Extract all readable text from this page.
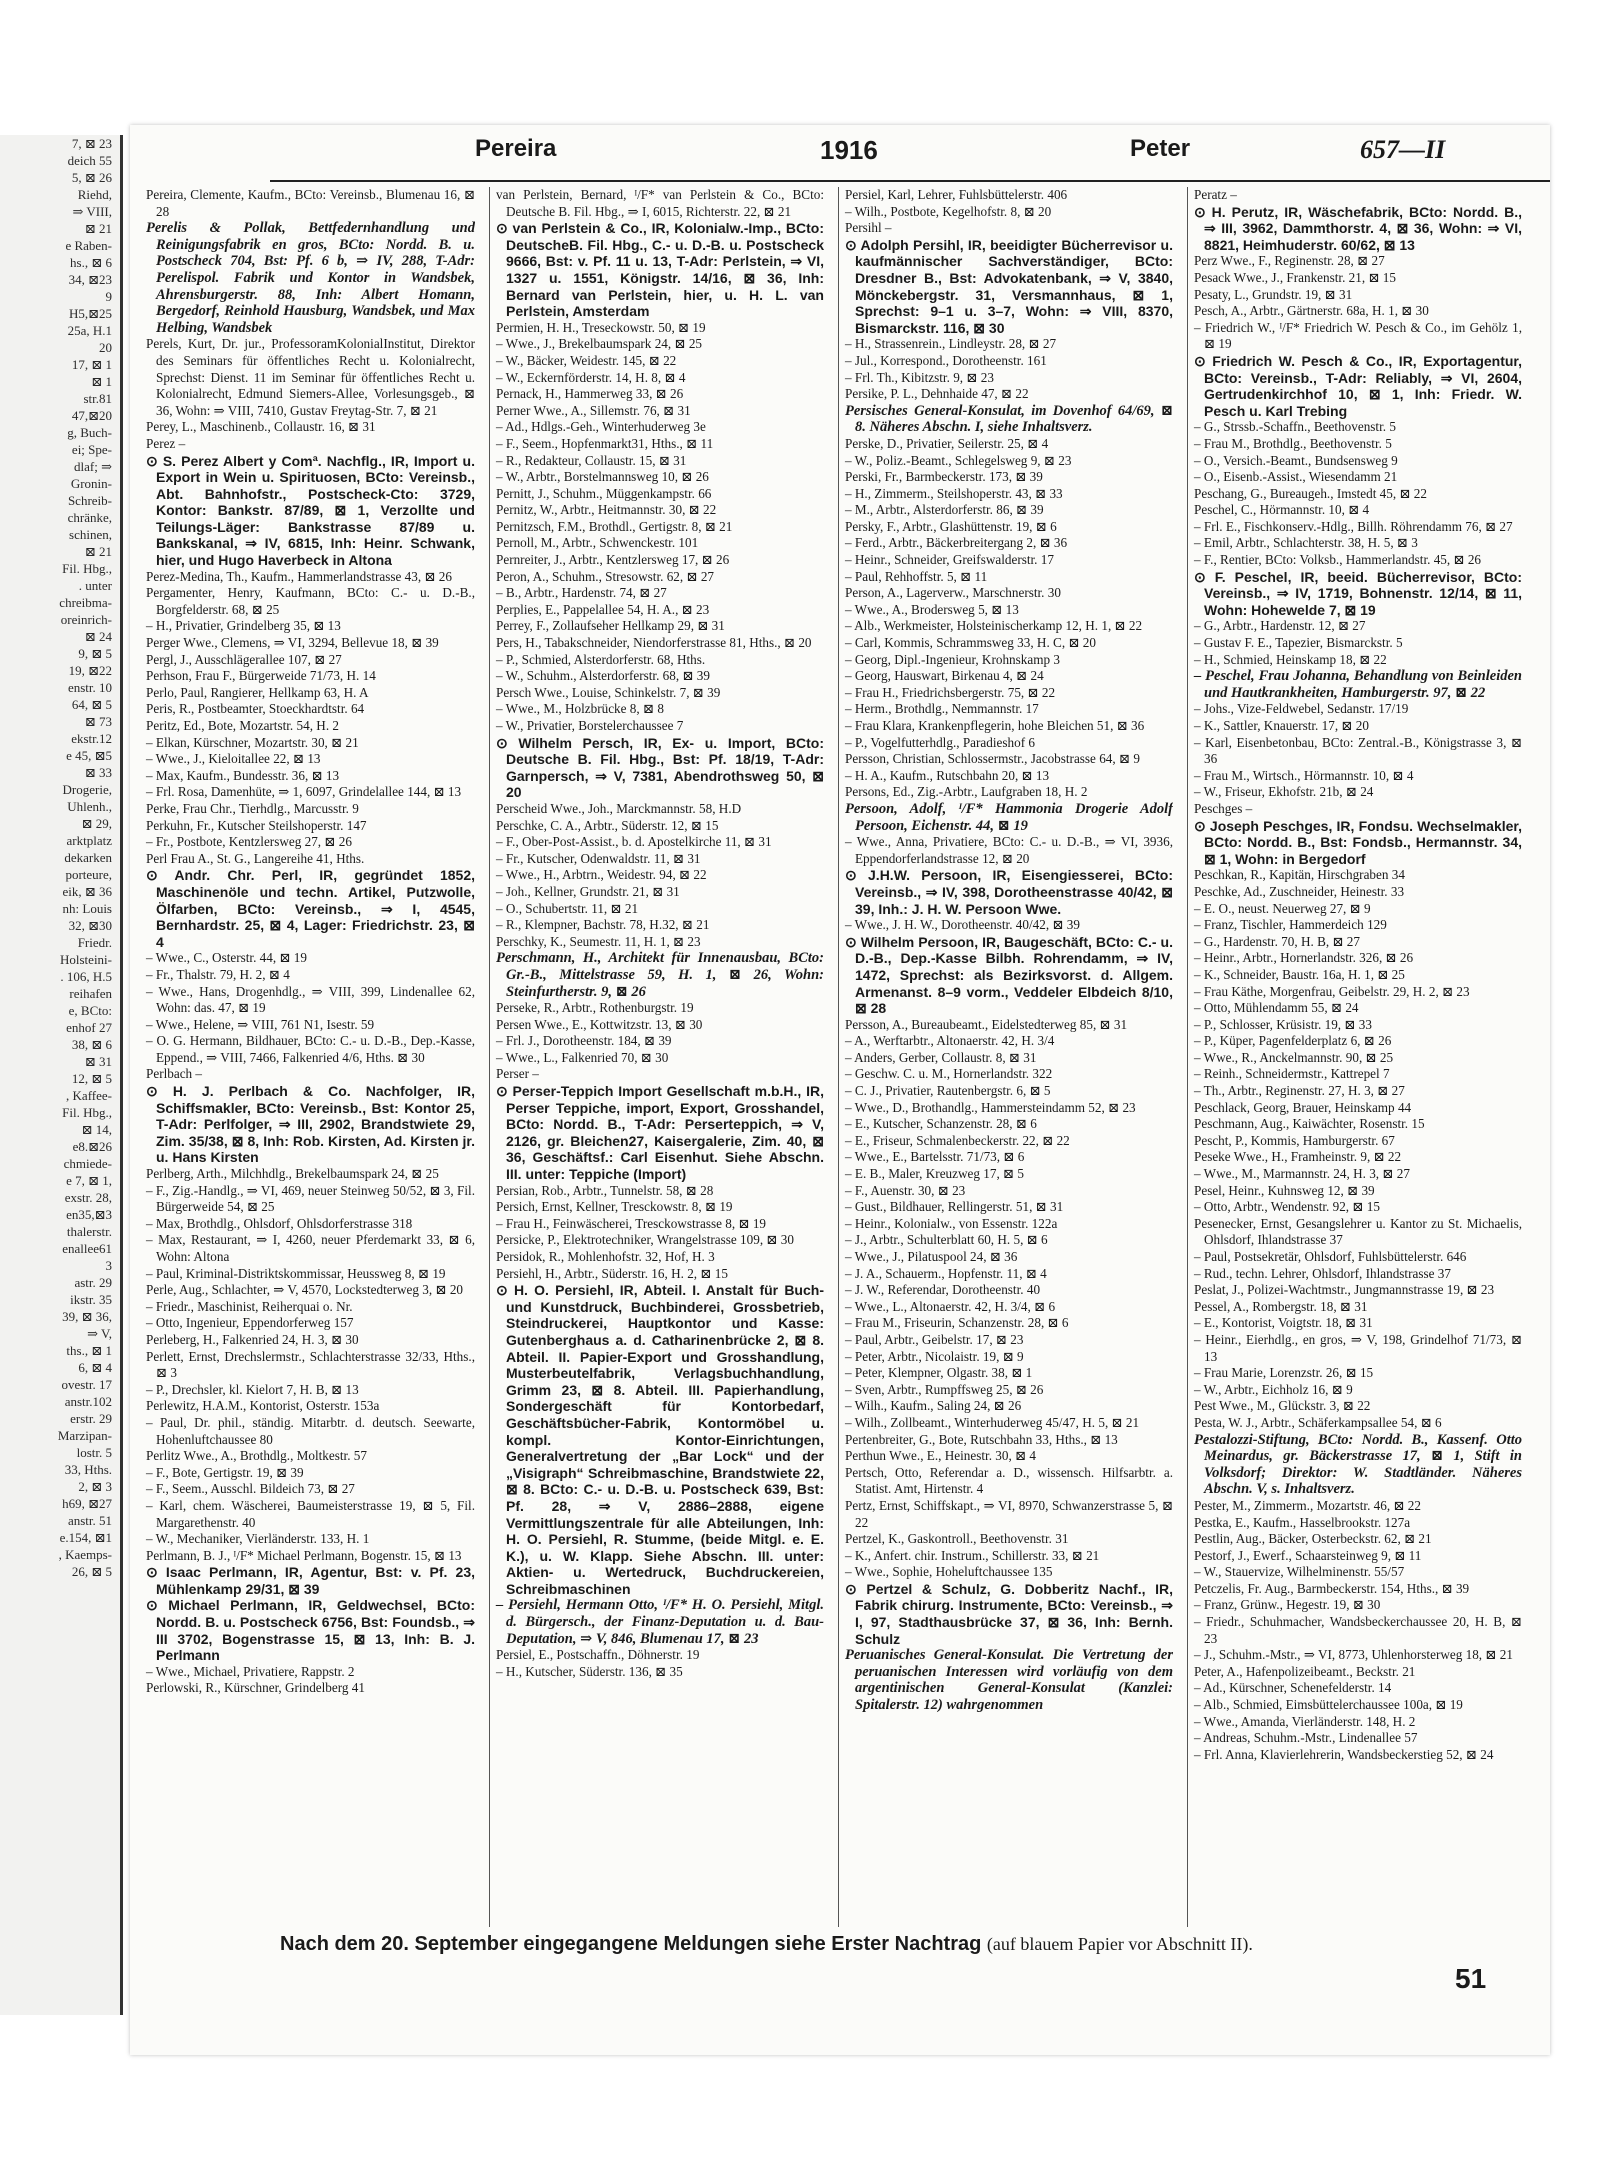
7, ⊠ 23
deich 55
5, ⊠ 26
Riehd,
⇒ VIII,
⊠ 21
e Raben-
hs., ⊠ 6
34, ⊠23
9
H5,⊠25
25a, H.1
20
17, ⊠ 1
⊠ 1
str.81
47,⊠20
g, Buch-
ei; Spe-
dlaf; ⇒
Gronin-
Schreib-
chränke,
schinen,
⊠ 21
Fil. Hbg.,
. unter
chreibma-
oreinrich-
⊠ 24
9, ⊠ 5
19, ⊠22
enstr. 10
64, ⊠ 5
⊠ 73
ekstr.12
e 45, ⊠5
⊠ 33
Drogerie,
Uhlenh.,
⊠ 29,
arktplatz
dekarken
porteure,
eik, ⊠ 36
nh: Louis
32, ⊠30
Friedr.
Holsteini-
. 106, H.5
reihafen
e, BCto:
enhof 27
38, ⊠ 6
⊠ 31
12, ⊠ 5
, Kaffee-
Fil. Hbg.,
⊠ 14,
e8.⊠26
chmiede-
e 7, ⊠ 1,
exstr. 28,
en35,⊠3
thalerstr.
enallee61
3
astr. 29
ikstr. 35
39, ⊠ 36,
⇒ V,
ths., ⊠ 1
6, ⊠ 4
ovestr. 17
anstr.102
erstr. 29
Marzipan-
lostr. 5
33, Hths.
2, ⊠ 3
h69, ⊠27
anstr. 51
e.154, ⊠1
, Kaemps-
26, ⊠ 5
Pereira	1916	Peter	657—II

Pereira, Clemente, Kaufm., BCto: Vereinsb., Blumenau 16, ⊠ 28

Perelis & Pollak, Bettfedernhandlung und Reinigungsfabrik en gros, BCto: Nordd. B. u. Postscheck 704, Bst: Pf. 6 b, ⇒ IV, 288, T-Adr: Perelispol. Fabrik und Kontor in Wandsbek, Ahrensburgerstr. 88, Inh: Albert Homann, Bergedorf, Reinhold Hausburg, Wandsbek, und Max Helbing, Wandsbek

Perels, Kurt, Dr. jur., ProfessoramKolonialInstitut, Direktor des Seminars für öffentliches Recht u. Kolonialrecht, Sprechst: Dienst. 11 im Seminar für öffentliches Recht u. Kolonialrecht, Edmund Siemers-Allee, Vorlesungsgeb., ⊠ 36, Wohn: ⇒ VIII, 7410, Gustav Freytag-Str. 7, ⊠ 21

Perey, L., Maschinenb., Collaustr. 16, ⊠ 31

Perez –

⊙ S. Perez Albert y Comª. Nachflg., IR, Import u. Export in Wein u. Spirituosen, BCto: Vereinsb., Abt. Bahnhofstr., Postscheck-Cto: 3729, Kontor: Bankstr. 87/89, ⊠ 1, Verzollte und Teilungs-Läger: Bankstrasse 87/89 u. Bankskanal, ⇒ IV, 6815, Inh: Heinr. Schwank, hier, und Hugo Haverbeck in Altona

Perez-Medina, Th., Kaufm., Hammerlandstrasse 43, ⊠ 26

Pergamenter, Henry, Kaufmann, BCto: C.- u. D.-B., Borgfelderstr. 68, ⊠ 25

– H., Privatier, Grindelberg 35, ⊠ 13

Perger Wwe., Clemens, ⇒ VI, 3294, Bellevue 18, ⊠ 39

Pergl, J., Ausschlägerallee 107, ⊠ 27

Perhson, Frau F., Bürgerweide 71/73, H. 14

Perlo, Paul, Rangierer, Hellkamp 63, H. A

Peris, R., Postbeamter, Stoeckhardtstr. 64

Peritz, Ed., Bote, Mozartstr. 54, H. 2

– Elkan, Kürschner, Mozartstr. 30, ⊠ 21

– Wwe., J., Kieloitallee 22, ⊠ 13

– Max, Kaufm., Bundesstr. 36, ⊠ 13

– Frl. Rosa, Damenhüte, ⇒ 1, 6097, Grindelallee 144, ⊠ 13

Perke, Frau Chr., Tierhdlg., Marcusstr. 9

Perkuhn, Fr., Kutscher Steilshoperstr. 147

– Fr., Postbote, Kentzlersweg 27, ⊠ 26

Perl Frau A., St. G., Langereihe 41, Hths.

⊙ Andr. Chr. Perl, IR, gegründet 1852, Maschinenöle und techn. Artikel, Putzwolle, Ölfarben, BCto: Vereinsb., ⇒ I, 4545, Bernhardstr. 25, ⊠ 4, Lager: Friedrichstr. 23, ⊠ 4

– Wwe., C., Osterstr. 44, ⊠ 19

– Fr., Thalstr. 79, H. 2, ⊠ 4

– Wwe., Hans, Drogenhdlg., ⇒ VIII, 399, Lindenallee 62, Wohn: das. 47, ⊠ 19

– Wwe., Helene, ⇒ VIII, 761 N1, Isestr. 59

– O. G. Hermann, Bildhauer, BCto: C.- u. D.-B., Dep.-Kasse, Eppend., ⇒ VIII, 7466, Falkenried 4/6, Hths. ⊠ 30

Perlbach –

⊙ H. J. Perlbach & Co. Nachfolger, IR, Schiffsmakler, BCto: Vereinsb., Bst: Kontor 25, T-Adr: Perlfolger, ⇒ III, 2902, Brandstwiete 29, Zim. 35/38, ⊠ 8, Inh: Rob. Kirsten, Ad. Kirsten jr. u. Hans Kirsten

Perlberg, Arth., Milchhdlg., Brekelbaumspark 24, ⊠ 25

– F., Zig.-Handlg., ⇒ VI, 469, neuer Steinweg 50/52, ⊠ 3, Fil. Bürgerweide 54, ⊠ 25

– Max, Brothdlg., Ohlsdorf, Ohlsdorferstrasse 318

– Max, Restaurant, ⇒ I, 4260, neuer Pferdemarkt 33, ⊠ 6, Wohn: Altona

– Paul, Kriminal-Distriktskommissar, Heussweg 8, ⊠ 19

Perle, Aug., Schlachter, ⇒ V, 4570, Lockstedterweg 3, ⊠ 20

– Friedr., Maschinist, Reiherquai o. Nr.

– Otto, Ingenieur, Eppendorferweg 157

Perleberg, H., Falkenried 24, H. 3, ⊠ 30

Perlett, Ernst, Drechslermstr., Schlachterstrasse 32/33, Hths., ⊠ 3

– P., Drechsler, kl. Kielort 7, H. B, ⊠ 13

Perlewitz, H.A.M., Kontorist, Osterstr. 153a

– Paul, Dr. phil., ständig. Mitarbtr. d. deutsch. Seewarte, Hohenluftchaussee 80

Perlitz Wwe., A., Brothdlg., Moltkestr. 57

– F., Bote, Gertigstr. 19, ⊠ 39

– F., Seem., Ausschl. Bildeich 73, ⊠ 27

– Karl, chem. Wäscherei, Baumeisterstrasse 19, ⊠ 5, Fil. Margarethenstr. 40

– W., Mechaniker, Vierländerstr. 133, H. 1

Perlmann, B. J., ᴵ/F* Michael Perlmann, Bogenstr. 15, ⊠ 13

⊙ Isaac Perlmann, IR, Agentur, Bst: v. Pf. 23, Mühlenkamp 29/31, ⊠ 39

⊙ Michael Perlmann, IR, Geldwechsel, BCto: Nordd. B. u. Postscheck 6756, Bst: Foundsb., ⇒ III 3702, Bogenstrasse 15, ⊠ 13, Inh: B. J. Perlmann

– Wwe., Michael, Privatiere, Rappstr. 2

Perlowski, R., Kürschner, Grindelberg 41

van Perlstein, Bernard, ᴵ/F* van Perlstein & Co., BCto: Deutsche B. Fil. Hbg., ⇒ I, 6015, Richterstr. 22, ⊠ 21

⊙ van Perlstein & Co., IR, Kolonialw.-Imp., BCto: DeutscheB. Fil. Hbg., C.- u. D.-B. u. Postscheck 9666, Bst: v. Pf. 11 u. 13, T-Adr: Perlstein, ⇒ VI, 1327 u. 1551, Königstr. 14/16, ⊠ 36, Inh: Bernard van Perlstein, hier, u. H. L. van Perlstein, Amsterdam

Permien, H. H., Treseckowstr. 50, ⊠ 19

– Wwe., J., Brekelbaumspark 24, ⊠ 25

– W., Bäcker, Weidestr. 145, ⊠ 22

– W., Eckernförderstr. 14, H. 8, ⊠ 4

Pernack, H., Hammerweg 33, ⊠ 26

Perner Wwe., A., Sillemstr. 76, ⊠ 31

– Ad., Hdlgs.-Geh., Winterhuderweg 3e

– F., Seem., Hopfenmarkt31, Hths., ⊠ 11

– R., Redakteur, Collaustr. 15, ⊠ 31

– W., Arbtr., Borstelmannsweg 10, ⊠ 26

Pernitt, J., Schuhm., Müggenkampstr. 66

Pernitz, W., Arbtr., Heitmannstr. 30, ⊠ 22

Pernitzsch, F.M., Brothdl., Gertigstr. 8, ⊠ 21

Pernoll, M., Arbtr., Schwenckestr. 101

Pernreiter, J., Arbtr., Kentzlersweg 17, ⊠ 26

Peron, A., Schuhm., Stresowstr. 62, ⊠ 27

– B., Arbtr., Hardenstr. 74, ⊠ 27

Perplies, E., Pappelallee 54, H. A., ⊠ 23

Perrey, F., Zollaufseher Hellkamp 29, ⊠ 31

Pers, H., Tabakschneider, Niendorferstrasse 81, Hths., ⊠ 20

– P., Schmied, Alsterdorferstr. 68, Hths.

– W., Schuhm., Alsterdorferstr. 68, ⊠ 39

Persch Wwe., Louise, Schinkelstr. 7, ⊠ 39

– Wwe., M., Holzbrücke 8, ⊠ 8

– W., Privatier, Borstelerchaussee 7

⊙ Wilhelm Persch, IR, Ex- u. Import, BCto: Deutsche B. Fil. Hbg., Bst: Pf. 18/19, T-Adr: Garnpersch, ⇒ V, 7381, Abendrothsweg 50, ⊠ 20

Perscheid Wwe., Joh., Marckmannstr. 58, H.D

Perschke, C. A., Arbtr., Süderstr. 12, ⊠ 15

– F., Ober-Post-Assist., b. d. Apostelkirche 11, ⊠ 31

– Fr., Kutscher, Odenwaldstr. 11, ⊠ 31

– Wwe., H., Arbtrn., Weidestr. 94, ⊠ 22

– Joh., Kellner, Grundstr. 21, ⊠ 31

– O., Schubertstr. 11, ⊠ 21

– R., Klempner, Bachstr. 78, H.32, ⊠ 21

Perschky, K., Seumestr. 11, H. 1, ⊠ 23

Perschmann, H., Architekt für Innenausbau, BCto: Gr.-B., Mittelstrasse 59, H. 1, ⊠ 26, Wohn: Steinfurtherstr. 9, ⊠ 26

Perseke, R., Arbtr., Rothenburgstr. 19

Persen Wwe., E., Kottwitzstr. 13, ⊠ 30

– Frl. J., Dorotheenstr. 184, ⊠ 39

– Wwe., L., Falkenried 70, ⊠ 30

Perser –

⊙ Perser-Teppich Import Gesellschaft m.b.H., IR, Perser Teppiche, import, Export, Grosshandel, BCto: Nordd. B., T-Adr: Perserteppich, ⇒ V, 2126, gr. Bleichen27, Kaisergalerie, Zim. 40, ⊠ 36, Geschäftsf.: Carl Eisenhut. Siehe Abschn. III. unter: Teppiche (Import)

Persian, Rob., Arbtr., Tunnelstr. 58, ⊠ 28

Persich, Ernst, Kellner, Tresckowstr. 8, ⊠ 19

– Frau H., Feinwäscherei, Tresckowstrasse 8, ⊠ 19

Persicke, P., Elektrotechniker, Wrangelstrasse 109, ⊠ 30

Persidok, R., Mohlenhofstr. 32, Hof, H. 3

Persiehl, H., Arbtr., Süderstr. 16, H. 2, ⊠ 15

⊙ H. O. Persiehl, IR, Abteil. I. Anstalt für Buch- und Kunstdruck, Buchbinderei, Grossbetrieb, Steindruckerei, Hauptkontor und Kasse: Gutenberghaus a. d. Catharinenbrücke 2, ⊠ 8. Abteil. II. Papier-Export und Grosshandlung, Musterbeutelfabrik, Verlagsbuchhandlung, Grimm 23, ⊠ 8. Abteil. III. Papierhandlung, Sondergeschäft für Kontorbedarf, Geschäftsbücher-Fabrik, Kontormöbel u. kompl. Kontor-Einrichtungen, Generalvertretung der „Bar Lock“ und der „Visigraph“ Schreibmaschine, Brandstwiete 22, ⊠ 8. BCto: C.- u. D.-B. u. Postscheck 639, Bst: Pf. 28, ⇒ V, 2886–2888, eigene Vermittlungszentrale für alle Abteilungen, Inh: H. O. Persiehl, R. Stumme, (beide Mitgl. e. E. K.), u. W. Klapp. Siehe Abschn. III. unter: Aktien- u. Wertedruck, Buchdruckereien, Schreibmaschinen

– Persiehl, Hermann Otto, ᴵ/F* H. O. Persiehl, Mitgl. d. Bürgersch., der Finanz-Deputation u. d. Bau-Deputation, ⇒ V, 846, Blumenau 17, ⊠ 23

Persiel, E., Postschaffn., Döhnerstr. 19

– H., Kutscher, Süderstr. 136, ⊠ 35

Persiel, Karl, Lehrer, Fuhlsbüttelerstr. 406

– Wilh., Postbote, Kegelhofstr. 8, ⊠ 20

Persihl –

⊙ Adolph Persihl, IR, beeidigter Bücherrevisor u. kaufmännischer Sachverständiger, BCto: Dresdner B., Bst: Advokatenbank, ⇒ V, 3840, Mönckebergstr. 31, Versmannhaus, ⊠ 1, Sprechst: 9–1 u. 3–7, Wohn: ⇒ VIII, 8370, Bismarckstr. 116, ⊠ 30

– H., Strassenrein., Lindleystr. 28, ⊠ 27

– Jul., Korrespond., Dorotheenstr. 161

– Frl. Th., Kibitzstr. 9, ⊠ 23

Persike, P. L., Dehnhaide 47, ⊠ 22

Persisches General-Konsulat, im Dovenhof 64/69, ⊠ 8. Näheres Abschn. I, siehe Inhaltsverz.

Perske, D., Privatier, Seilerstr. 25, ⊠ 4

– W., Poliz.-Beamt., Schlegelsweg 9, ⊠ 23

Perski, Fr., Barmbeckerstr. 173, ⊠ 39

– H., Zimmerm., Steilshoperstr. 43, ⊠ 33

– M., Arbtr., Alsterdorferstr. 86, ⊠ 39

Persky, F., Arbtr., Glashüttenstr. 19, ⊠ 6

– Ferd., Arbtr., Bäckerbreitergang 2, ⊠ 36

– Heinr., Schneider, Greifswalderstr. 17

– Paul, Rehhoffstr. 5, ⊠ 11

Person, A., Lagerverw., Marschnerstr. 30

– Wwe., A., Brodersweg 5, ⊠ 13

– Alb., Werkmeister, Holsteinischerkamp 12, H. 1, ⊠ 22

– Carl, Kommis, Schrammsweg 33, H. C, ⊠ 20

– Georg, Dipl.-Ingenieur, Krohnskamp 3

– Georg, Hauswart, Birkenau 4, ⊠ 24

– Frau H., Friedrichsbergerstr. 75, ⊠ 22

– Herm., Brothdlg., Nemmannstr. 17

– Frau Klara, Krankenpflegerin, hohe Bleichen 51, ⊠ 36

– P., Vogelfutterhdlg., Paradieshof 6

Persson, Christian, Schlossermstr., Jacobstrasse 64, ⊠ 9

– H. A., Kaufm., Rutschbahn 20, ⊠ 13

Persons, Ed., Zig.-Arbtr., Laufgraben 18, H. 2

Persoon, Adolf, ᴵ/F* Hammonia Drogerie Adolf Persoon, Eichenstr. 44, ⊠ 19

– Wwe., Anna, Privatiere, BCto: C.- u. D.-B., ⇒ VI, 3936, Eppendorferlandstrasse 12, ⊠ 20

⊙ J.H.W. Persoon, IR, Eisengiesserei, BCto: Vereinsb., ⇒ IV, 398, Dorotheenstrasse 40/42, ⊠ 39, Inh.: J. H. W. Persoon Wwe.

– Wwe., J. H. W., Dorotheenstr. 40/42, ⊠ 39

⊙ Wilhelm Persoon, IR, Baugeschäft, BCto: C.- u. D.-B., Dep.-Kasse Bilbh. Rohrendamm, ⇒ IV, 1472, Sprechst: als Bezirksvorst. d. Allgem. Armenanst. 8–9 vorm., Veddeler Elbdeich 8/10, ⊠ 28

Persson, A., Bureaubeamt., Eidelstedterweg 85, ⊠ 31

– A., Werftarbtr., Altonaerstr. 42, H. 3/4

– Anders, Gerber, Collaustr. 8, ⊠ 31

– Geschw. C. u. M., Hornerlandstr. 322

– C. J., Privatier, Rautenbergstr. 6, ⊠ 5

– Wwe., D., Brothandlg., Hammersteindamm 52, ⊠ 23

– E., Kutscher, Schanzenstr. 28, ⊠ 6

– E., Friseur, Schmalenbeckerstr. 22, ⊠ 22

– Wwe., E., Bartelsstr. 71/73, ⊠ 6

– E. B., Maler, Kreuzweg 17, ⊠ 5

– F., Auenstr. 30, ⊠ 23

– Gust., Bildhauer, Rellingerstr. 51, ⊠ 31

– Heinr., Kolonialw., von Essenstr. 122a

– J., Arbtr., Schulterblatt 60, H. 5, ⊠ 6

– Wwe., J., Pilatuspool 24, ⊠ 36

– J. A., Schauerm., Hopfenstr. 11, ⊠ 4

– J. W., Referendar, Dorotheenstr. 40

– Wwe., L., Altonaerstr. 42, H. 3/4, ⊠ 6

– Frau M., Friseurin, Schanzenstr. 28, ⊠ 6

– Paul, Arbtr., Geibelstr. 17, ⊠ 23

– Peter, Arbtr., Nicolaistr. 19, ⊠ 9

– Peter, Klempner, Olgastr. 38, ⊠ 1

– Sven, Arbtr., Rumpffsweg 25, ⊠ 26

– Wilh., Kaufm., Saling 24, ⊠ 26

– Wilh., Zollbeamt., Winterhuderweg 45/47, H. 5, ⊠ 21

Pertenbreiter, G., Bote, Rutschbahn 33, Hths., ⊠ 13

Perthun Wwe., E., Heinestr. 30, ⊠ 4

Pertsch, Otto, Referendar a. D., wissensch. Hilfsarbtr. a. Statist. Amt, Hirtenstr. 4

Pertz, Ernst, Schiffskapt., ⇒ VI, 8970, Schwanzerstrasse 5, ⊠ 22

Pertzel, K., Gaskontroll., Beethovenstr. 31

– K., Anfert. chir. Instrum., Schillerstr. 33, ⊠ 21

– Wwe., Sophie, Hoheluftchaussee 135

⊙ Pertzel & Schulz, G. Dobberitz Nachf., IR, Fabrik chirurg. Instrumente, BCto: Vereinsb., ⇒ I, 97, Stadthausbrücke 37, ⊠ 36, Inh: Bernh. Schulz

Peruanisches General-Konsulat. Die Vertretung der peruanischen Interessen wird vorläufig von dem argentinischen General-Konsulat (Kanzlei: Spitalerstr. 12) wahrgenommen

Peratz –

⊙ H. Perutz, IR, Wäschefabrik, BCto: Nordd. B., ⇒ III, 3962, Dammthorstr. 4, ⊠ 36, Wohn: ⇒ VI, 8821, Heimhuderstr. 60/62, ⊠ 13

Perz Wwe., F., Reginenstr. 28, ⊠ 27

Pesack Wwe., J., Frankenstr. 21, ⊠ 15

Pesaty, L., Grundstr. 19, ⊠ 31

Pesch, A., Arbtr., Gärtnerstr. 68a, H. 1, ⊠ 30

– Friedrich W., ᴵ/F* Friedrich W. Pesch & Co., im Gehölz 1, ⊠ 19

⊙ Friedrich W. Pesch & Co., IR, Exportagentur, BCto: Vereinsb., T-Adr: Reliably, ⇒ VI, 2604, Gertrudenkirchhof 10, ⊠ 1, Inh: Friedr. W. Pesch u. Karl Trebing

– G., Strssb.-Schaffn., Beethovenstr. 5

– Frau M., Brothdlg., Beethovenstr. 5

– O., Versich.-Beamt., Bundsensweg 9

– O., Eisenb.-Assist., Wiesendamm 21

Peschang, G., Bureaugeh., Imstedt 45, ⊠ 22

Peschel, C., Hörmannstr. 10, ⊠ 4

– Frl. E., Fischkonserv.-Hdlg., Billh. Röhrendamm 76, ⊠ 27

– Emil, Arbtr., Schlachterstr. 38, H. 5, ⊠ 3

– F., Rentier, BCto: Volksb., Hammerlandstr. 45, ⊠ 26

⊙ F. Peschel, IR, beeid. Bücherrevisor, BCto: Vereinsb., ⇒ IV, 1719, Bohnenstr. 12/14, ⊠ 11, Wohn: Hohewelde 7, ⊠ 19

– G., Arbtr., Hardenstr. 12, ⊠ 27

– Gustav F. E., Tapezier, Bismarckstr. 5

– H., Schmied, Heinskamp 18, ⊠ 22

– Peschel, Frau Johanna, Behandlung von Beinleiden und Hautkrankheiten, Hamburgerstr. 97, ⊠ 22

– Johs., Vize-Feldwebel, Sedanstr. 17/19

– K., Sattler, Knauerstr. 17, ⊠ 20

– Karl, Eisenbetonbau, BCto: Zentral.-B., Königstrasse 3, ⊠ 36

– Frau M., Wirtsch., Hörmannstr. 10, ⊠ 4

– W., Friseur, Ekhofstr. 21b, ⊠ 24

Peschges –

⊙ Joseph Peschges, IR, Fondsu. Wechselmakler, BCto: Nordd. B., Bst: Fondsb., Hermannstr. 34, ⊠ 1, Wohn: in Bergedorf

Peschkan, R., Kapitän, Hirschgraben 34

Peschke, Ad., Zuschneider, Heinestr. 33

– E. O., neust. Neuerweg 27, ⊠ 9

– Franz, Tischler, Hammerdeich 129

– G., Hardenstr. 70, H. B, ⊠ 27

– Heinr., Arbtr., Hornerlandstr. 326, ⊠ 26

– K., Schneider, Baustr. 16a, H. 1, ⊠ 25

– Frau Käthe, Morgenfrau, Geibelstr. 29, H. 2, ⊠ 23

– Otto, Mühlendamm 55, ⊠ 24

– P., Schlosser, Krüsistr. 19, ⊠ 33

– P., Küper, Pagenfelderplatz 6, ⊠ 26

– Wwe., R., Anckelmannstr. 90, ⊠ 25

– Reinh., Schneidermstr., Kattrepel 7

– Th., Arbtr., Reginenstr. 27, H. 3, ⊠ 27

Peschlack, Georg, Brauer, Heinskamp 44

Peschmann, Aug., Kaiwächter, Rosenstr. 15

Pescht, P., Kommis, Hamburgerstr. 67

Peseke Wwe., H., Framheinstr. 9, ⊠ 22

– Wwe., M., Marmannstr. 24, H. 3, ⊠ 27

Pesel, Heinr., Kuhnsweg 12, ⊠ 39

– Otto, Arbtr., Wendenstr. 92, ⊠ 15

Pesenecker, Ernst, Gesangslehrer u. Kantor zu St. Michaelis, Ohlsdorf, Ihlandstrasse 37

– Paul, Postsekretär, Ohlsdorf, Fuhlsbüttelerstr. 646

– Rud., techn. Lehrer, Ohlsdorf, Ihlandstrasse 37

Peslat, J., Polizei-Wachtmstr., Jungmannstrasse 19, ⊠ 23

Pessel, A., Rombergstr. 18, ⊠ 31

– E., Kontorist, Voigtstr. 18, ⊠ 31

– Heinr., Eierhdlg., en gros, ⇒ V, 198, Grindelhof 71/73, ⊠ 13

– Frau Marie, Lorenzstr. 26, ⊠ 15

– W., Arbtr., Eichholz 16, ⊠ 9

Pest Wwe., M., Glückstr. 3, ⊠ 22

Pesta, W. J., Arbtr., Schäferkampsallee 54, ⊠ 6

Pestalozzi-Stiftung, BCto: Nordd. B., Kassenf. Otto Meinardus, gr. Bäckerstrasse 17, ⊠ 1, Stift in Volksdorf; Direktor: W. Stadtländer. Näheres Abschn. V, s. Inhaltsverz.

Pester, M., Zimmerm., Mozartstr. 46, ⊠ 22

Pestka, E., Kaufm., Hasselbrookstr. 127a

Pestlin, Aug., Bäcker, Osterbeckstr. 62, ⊠ 21

Pestorf, J., Ewerf., Schaarsteinweg 9, ⊠ 11

– W., Stauervize, Wilhelminenstr. 55/57

Petczelis, Fr. Aug., Barmbeckerstr. 154, Hths., ⊠ 39

– Franz, Grünw., Hegestr. 19, ⊠ 30

– Friedr., Schuhmacher, Wandsbeckerchaussee 20, H. B, ⊠ 23

– J., Schuhm.-Mstr., ⇒ VI, 8773, Uhlenhorsterweg 18, ⊠ 21

Peter, A., Hafenpolizeibeamt., Beckstr. 21

– Ad., Kürschner, Schenefelderstr. 14

– Alb., Schmied, Eimsbüttelerchaussee 100a, ⊠ 19

– Wwe., Amanda, Vierländerstr. 148, H. 2

– Andreas, Schuhm.-Mstr., Lindenallee 57

– Frl. Anna, Klavierlehrerin, Wandsbeckerstieg 52, ⊠ 24

Nach dem 20. September eingegangene Meldungen siehe Erster Nachtrag (auf blauem Papier vor Abschnitt II).
51
